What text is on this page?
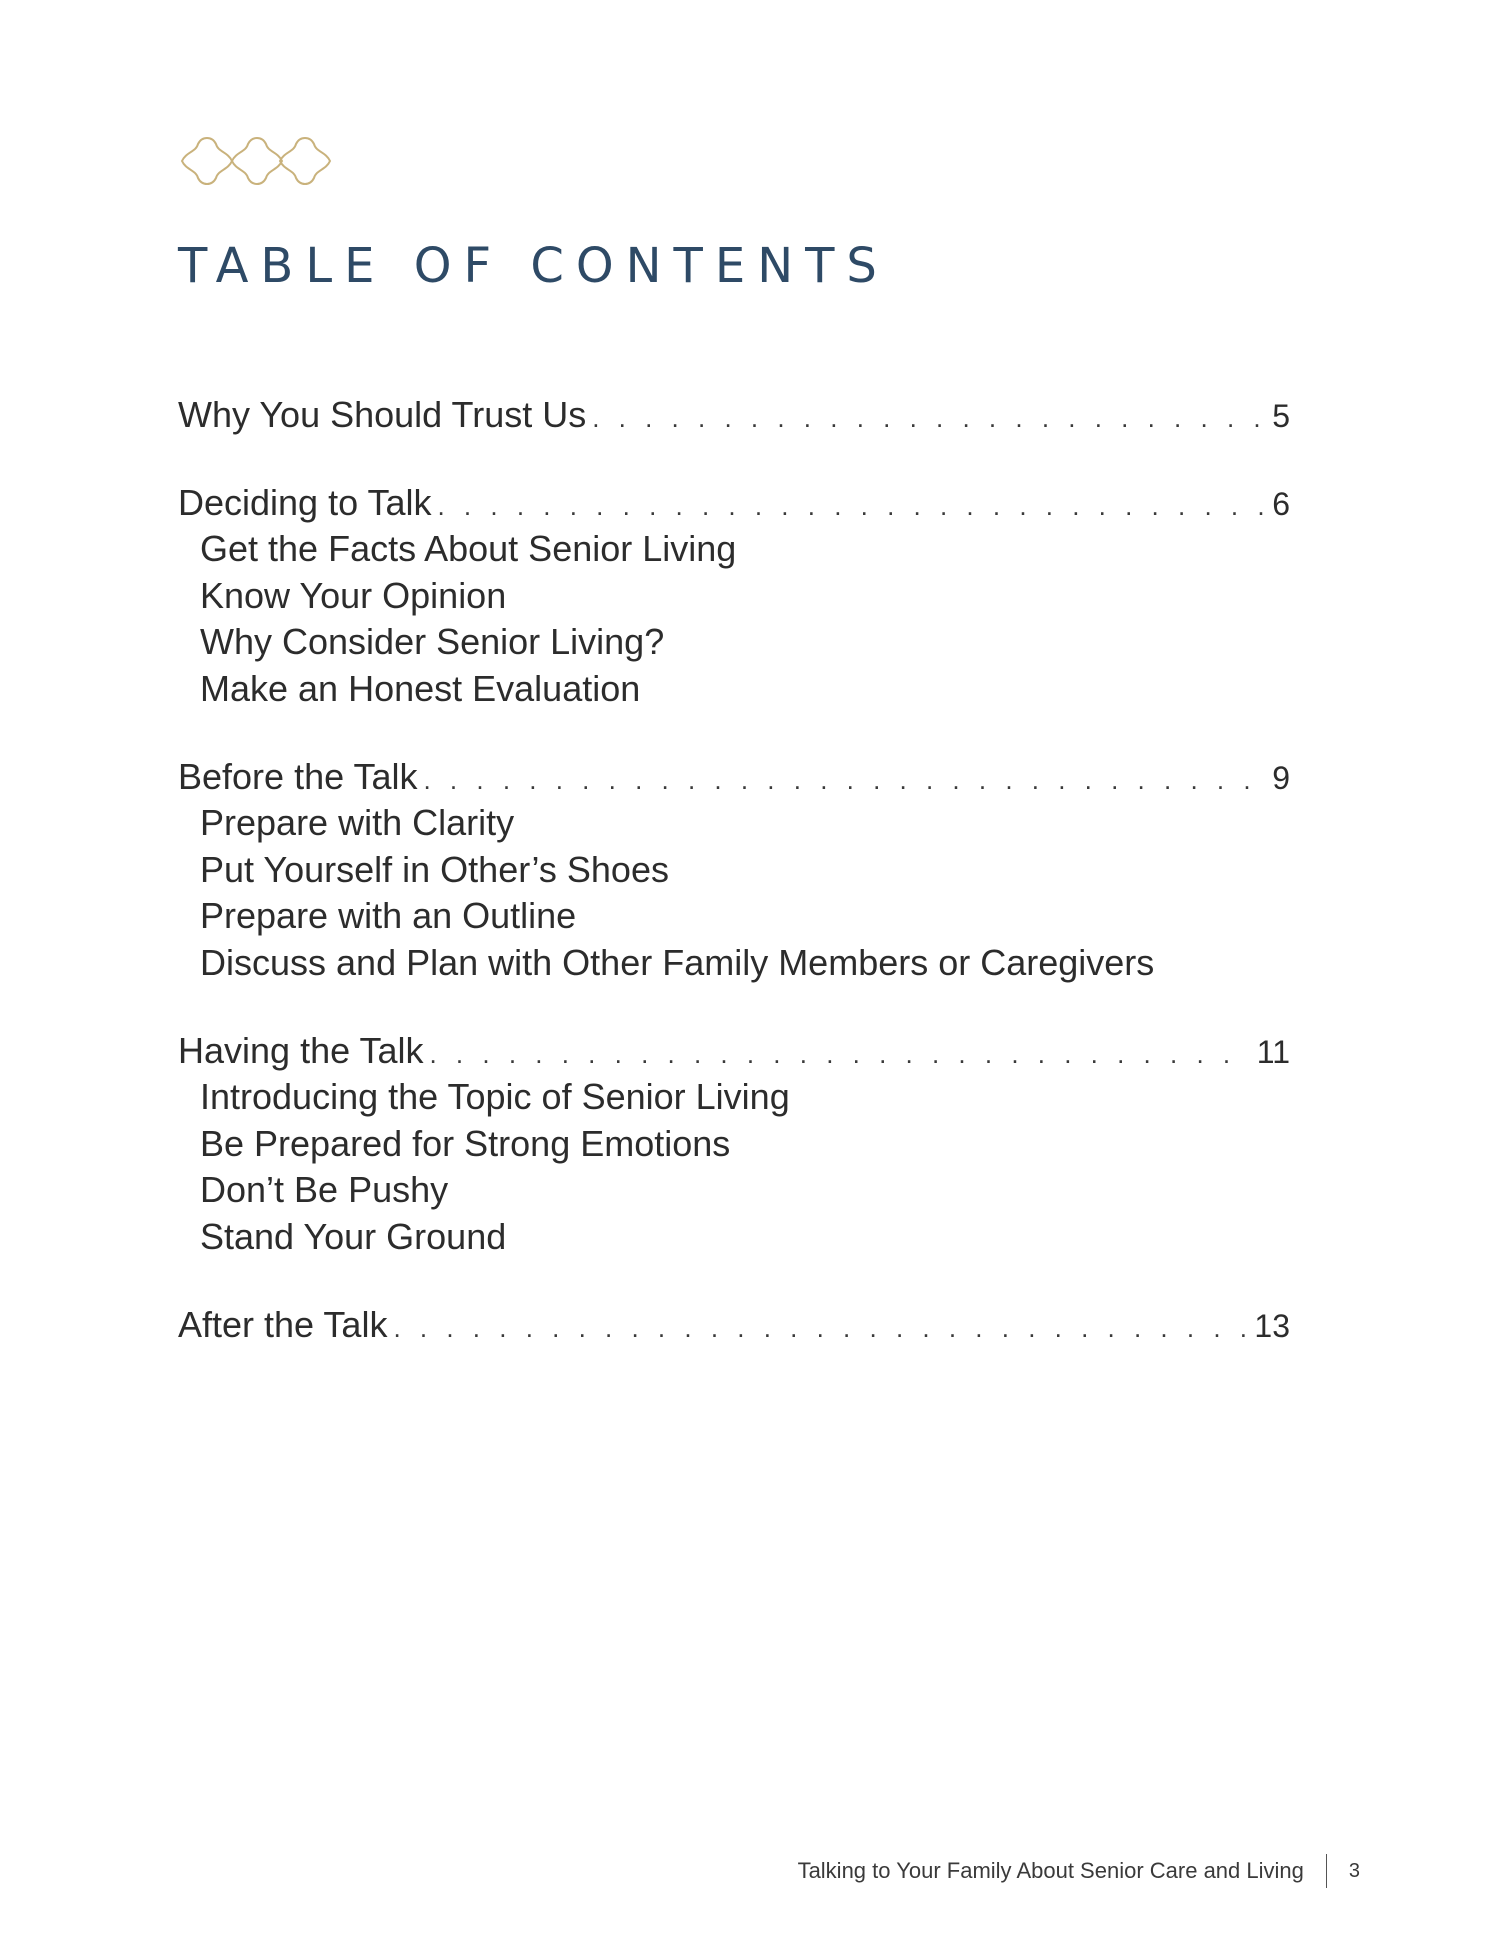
TABLE OF CONTENTS
Why You Should Trust Us . . .	5
Deciding to Talk . . .	6
Get the Facts About Senior Living
Know Your Opinion
Why Consider Senior Living?
Make an Honest Evaluation
Before the Talk . . .	9
Prepare with Clarity
Put Yourself in Other’s Shoes
Prepare with an Outline
Discuss and Plan with Other Family Members or Caregivers
Having the Talk . . .	11
Introducing the Topic of Senior Living
Be Prepared for Strong Emotions
Don’t Be Pushy
Stand Your Ground
After the Talk . . .	13
Talking to Your Family About Senior Care and Living 3
